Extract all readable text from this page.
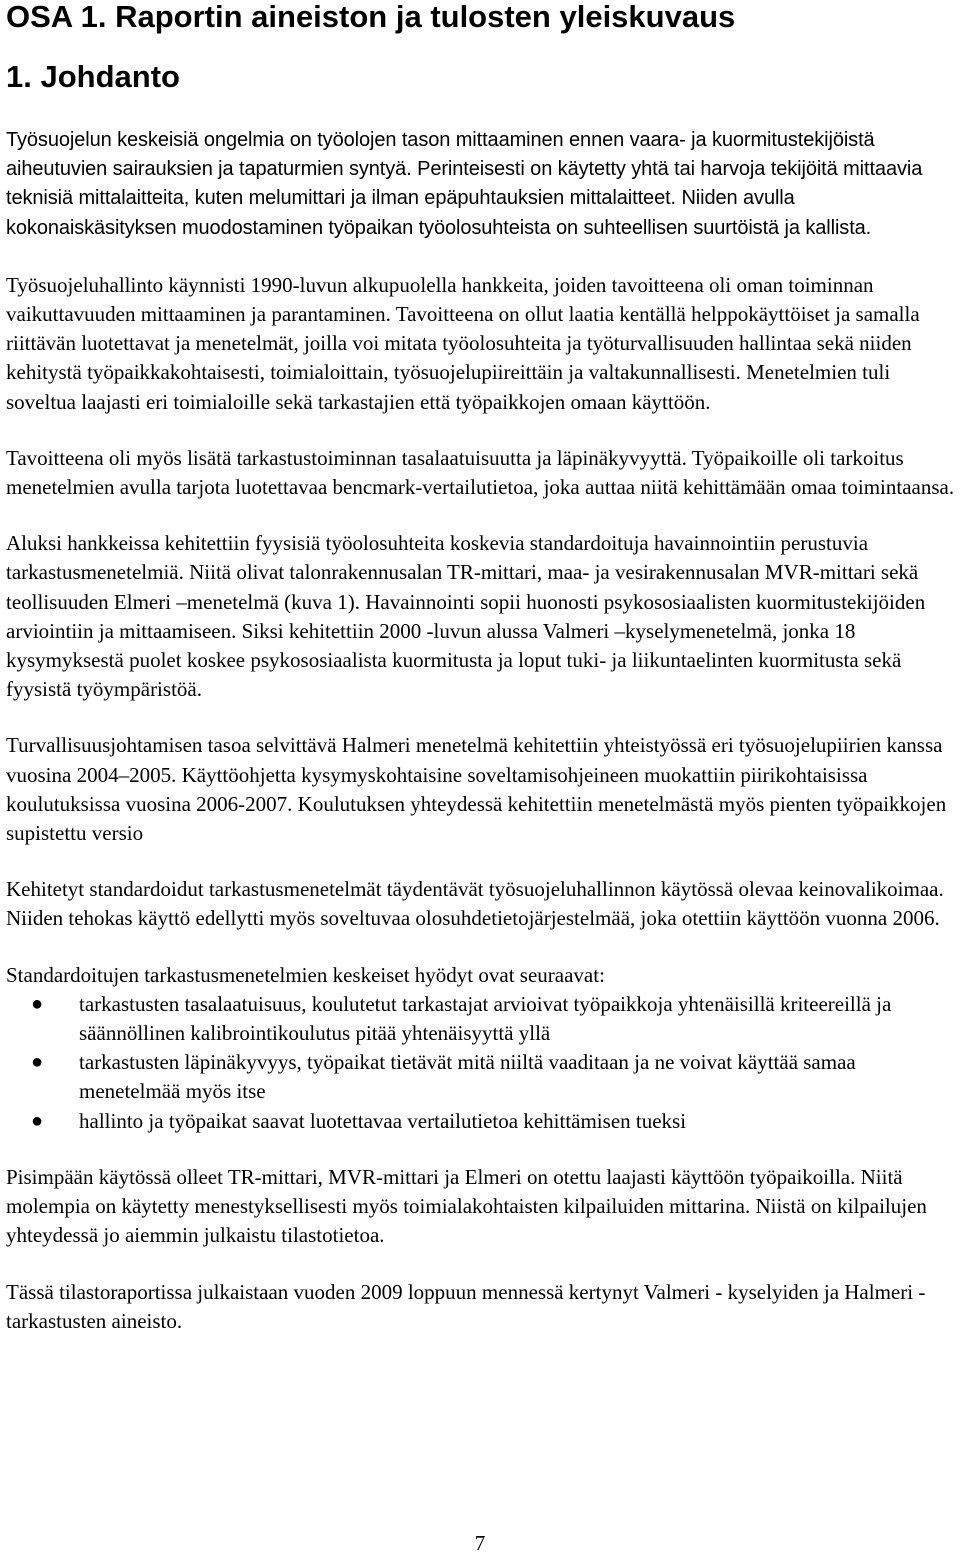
OSA 1. Raportin aineiston ja tulosten yleiskuvaus
1. Johdanto

Työsuojelun keskeisiä ongelmia on työolojen tason mittaaminen ennen vaara- ja kuormitustekijöistä aiheutuvien sairauksien ja tapaturmien syntyä. Perinteisesti on käytetty yhtä tai harvoja tekijöitä mittaavia teknisiä mittalaitteita, kuten melumittari ja ilman epäpuhtauksien mittalaitteet. Niiden avulla kokonaiskäsityksen muodostaminen työpaikan työolosuhteista on suhteellisen suurtöistä ja kallista.

Työsuojeluhallinto käynnisti 1990-luvun alkupuolella hankkeita, joiden tavoitteena oli oman toiminnan vaikuttavuuden mittaaminen ja parantaminen. Tavoitteena on ollut laatia kentällä helppokäyttöiset ja samalla riittävän luotettavat ja menetelmät, joilla voi mitata työolosuhteita ja työturvallisuuden hallintaa sekä niiden kehitystä työpaikkakohtaisesti, toimialoittain, työsuojelupiireittäin ja valtakunnallisesti. Menetelmien tuli soveltua laajasti eri toimialoille sekä tarkastajien että työpaikkojen omaan käyttöön.

Tavoitteena oli myös lisätä tarkastustoiminnan tasalaatuisuutta ja läpinäkyvyyttä. Työpaikoille oli tarkoitus menetelmien avulla tarjota luotettavaa bencmark-vertailutietoa, joka auttaa niitä kehittämään omaa toimintaansa.

Aluksi hankkeissa kehitettiin fyysisiä työolosuhteita koskevia standardoituja havainnointiin perustuvia tarkastusmenetelmiä. Niitä olivat talonrakennusalan TR-mittari, maa- ja vesirakennusalan MVR-mittari sekä teollisuuden Elmeri –menetelmä (kuva 1). Havainnointi sopii huonosti psykososiaalisten kuormitustekijöiden arviointiin ja mittaamiseen. Siksi kehitettiin 2000 -luvun alussa Valmeri –kyselymenetelmä, jonka 18 kysymyksestä puolet koskee psykososiaalista kuormitusta ja loput tuki- ja liikuntaelinten kuormitusta sekä fyysistä työympäristöä.

Turvallisuusjohtamisen tasoa selvittävä Halmeri menetelmä kehitettiin yhteistyössä eri työsuojelupiirien kanssa vuosina 2004–2005. Käyttöohjetta kysymyskohtaisine soveltamisohjeineen muokattiin piirikohtaisissa koulutuksissa vuosina 2006-2007. Koulutuksen yhteydessä kehitettiin menetelmästä myös pienten työpaikkojen supistettu versio

Kehitetyt standardoidut tarkastusmenetelmät täydentävät työsuojeluhallinnon käytössä olevaa keinovalikoimaa. Niiden tehokas käyttö edellytti myös soveltuvaa olosuhdetietojärjestelmää, joka otettiin käyttöön vuonna 2006.

Standardoitujen tarkastusmenetelmien keskeiset hyödyt ovat seuraavat:

● tarkastusten tasalaatuisuus, koulutetut tarkastajat arvioivat työpaikkoja yhtenäisillä kriteereillä ja säännöllinen kalibrointikoulutus pitää yhtenäisyyttä yllä
● tarkastusten läpinäkyvyys, työpaikat tietävät mitä niiltä vaaditaan ja ne voivat käyttää samaa menetelmää myös itse
● hallinto ja työpaikat saavat luotettavaa vertailutietoa kehittämisen tueksi

Pisimpään käytössä olleet TR-mittari, MVR-mittari ja Elmeri on otettu laajasti käyttöön työpaikoilla. Niitä molempia on käytetty menestyksellisesti myös toimialakohtaisten kilpailuiden mittarina. Niistä on kilpailujen yhteydessä jo aiemmin julkaistu tilastotietoa.

Tässä tilastoraportissa julkaistaan vuoden 2009 loppuun mennessä kertynyt Valmeri - kyselyiden ja Halmeri -tarkastusten aineisto.

7
